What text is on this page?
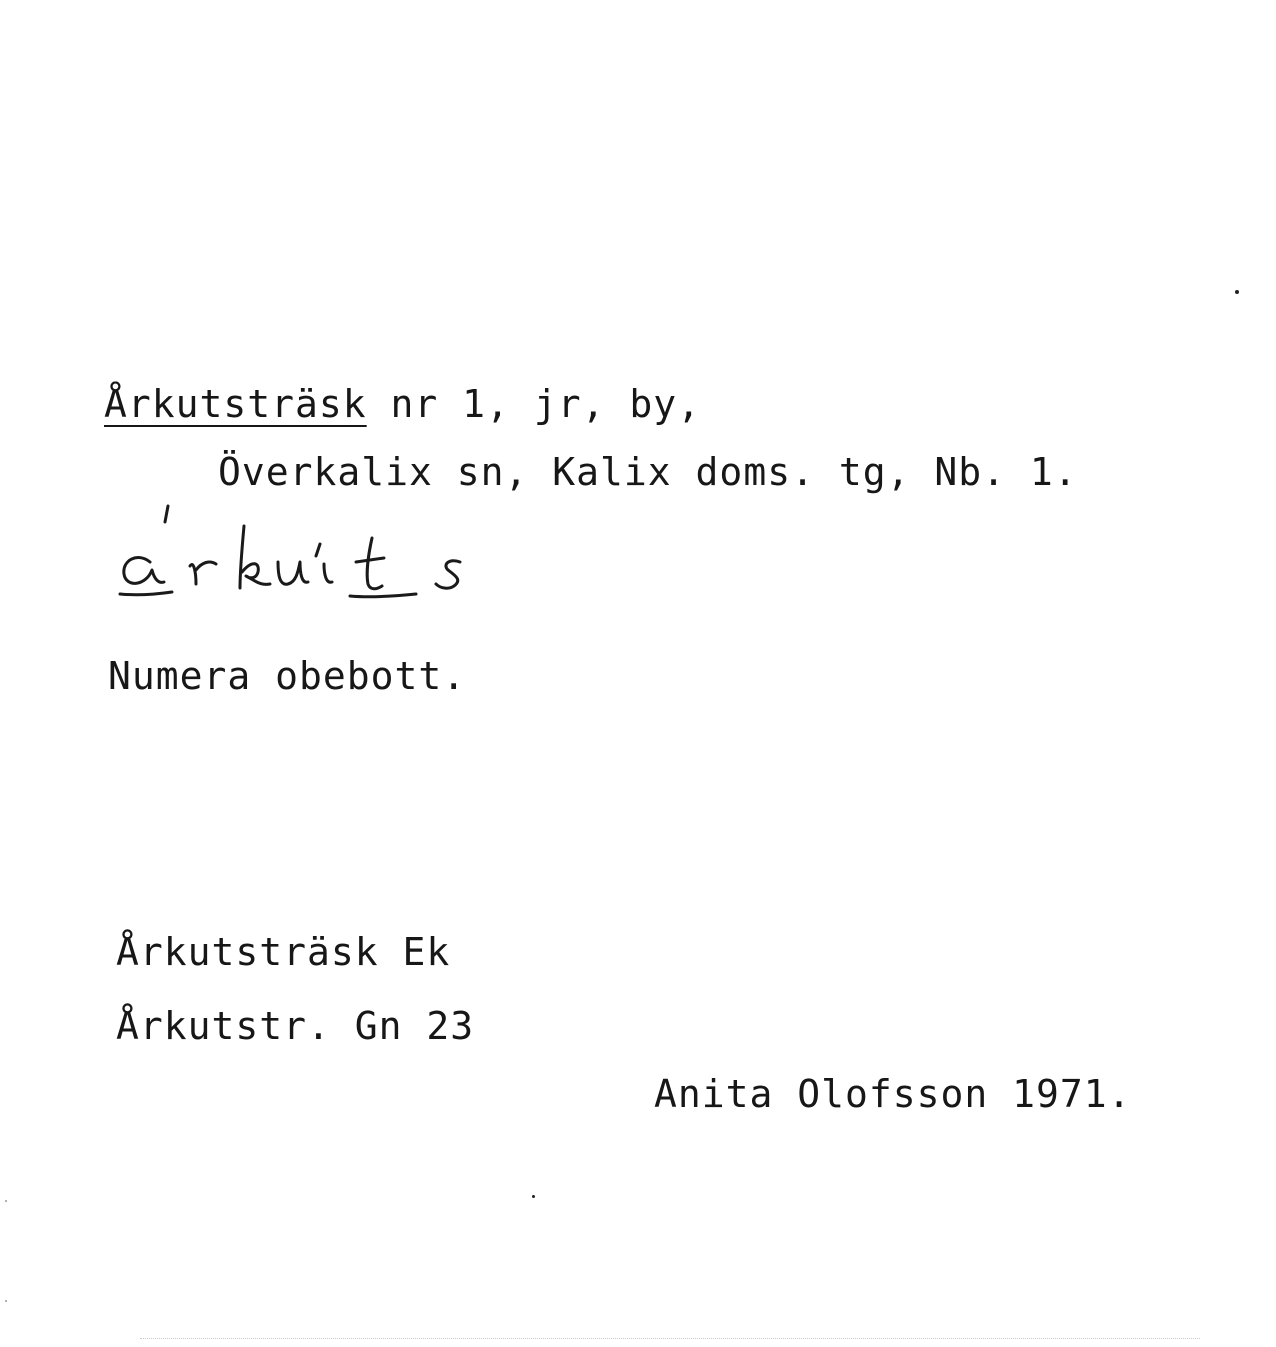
Årkutsträsk nr 1, jr, by,
Överkalix sn, Kalix doms. tg, Nb. 1.
Numera obebott.
Årkutsträsk Ek
Årkutstr. Gn 23
Anita Olofsson 1971.
